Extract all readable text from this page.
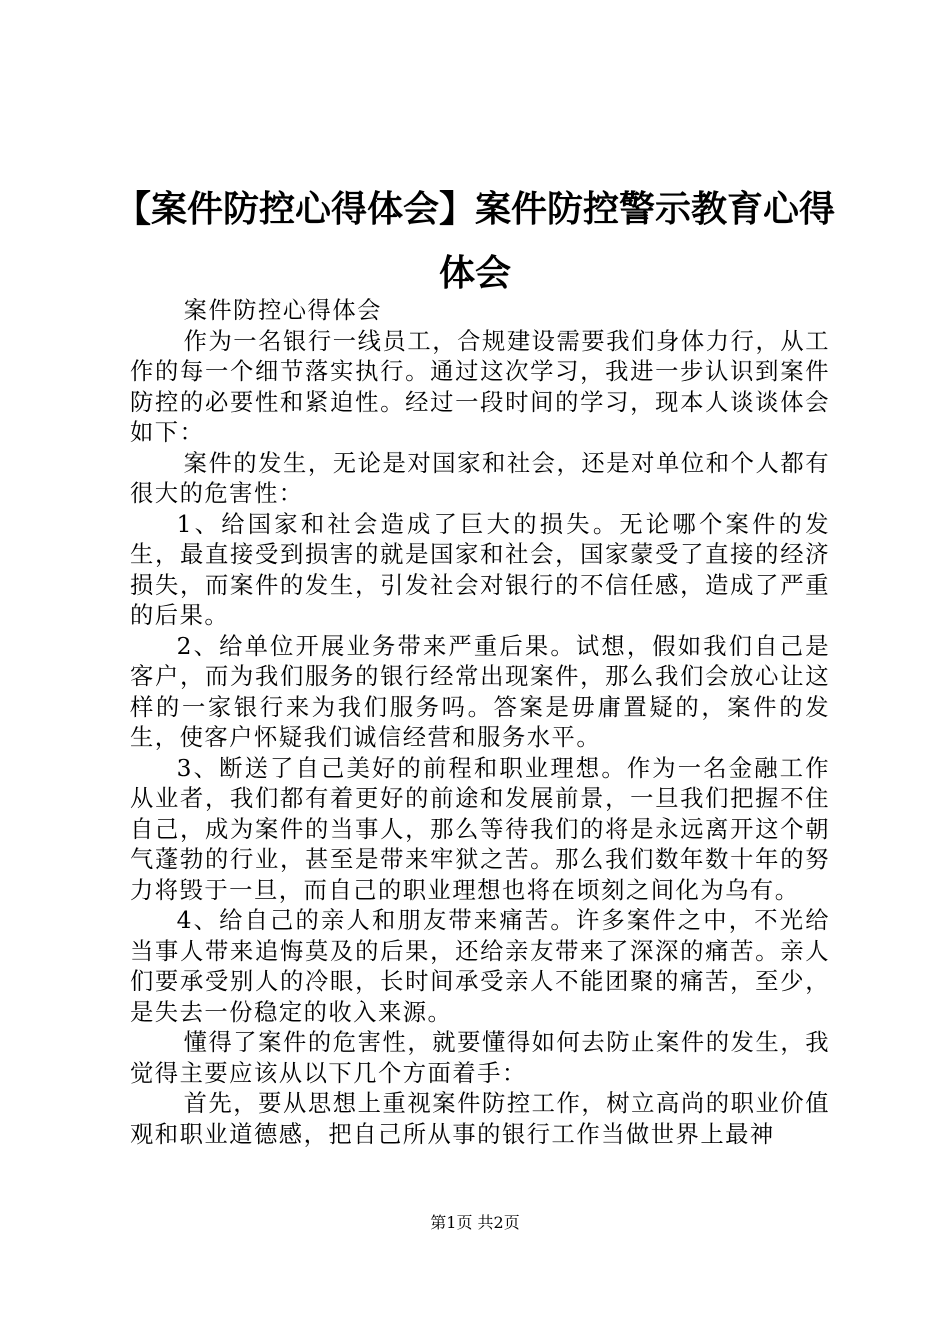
【案件防控心得体会】案件防控警示教育心得体会

案件防控心得体会

作为一名银行一线员工，合规建设需要我们身体力行，从工作的每一个细节落实执行。通过这次学习，我进一步认识到案件防控的必要性和紧迫性。经过一段时间的学习，现本人谈谈体会如下：

案件的发生，无论是对国家和社会，还是对单位和个人都有很大的危害性：

1、给国家和社会造成了巨大的损失。无论哪个案件的发生，最直接受到损害的就是国家和社会，国家蒙受了直接的经济损失，而案件的发生，引发社会对银行的不信任感，造成了严重的后果。

2、给单位开展业务带来严重后果。试想，假如我们自己是客户，而为我们服务的银行经常出现案件，那么我们会放心让这样的一家银行来为我们服务吗。答案是毋庸置疑的，案件的发生，使客户怀疑我们诚信经营和服务水平。

3、断送了自己美好的前程和职业理想。作为一名金融工作从业者，我们都有着更好的前途和发展前景，一旦我们把握不住自己，成为案件的当事人，那么等待我们的将是永远离开这个朝气蓬勃的行业，甚至是带来牢狱之苦。那么我们数年数十年的努力将毁于一旦，而自己的职业理想也将在顷刻之间化为乌有。

4、给自己的亲人和朋友带来痛苦。许多案件之中，不光给当事人带来追悔莫及的后果，还给亲友带来了深深的痛苦。亲人们要承受别人的冷眼，长时间承受亲人不能团聚的痛苦，至少，是失去一份稳定的收入来源。

懂得了案件的危害性，就要懂得如何去防止案件的发生，我觉得主要应该从以下几个方面着手：

首先，要从思想上重视案件防控工作，树立高尚的职业价值观和职业道德感，把自己所从事的银行工作当做世界上最神

第1页 共2页
